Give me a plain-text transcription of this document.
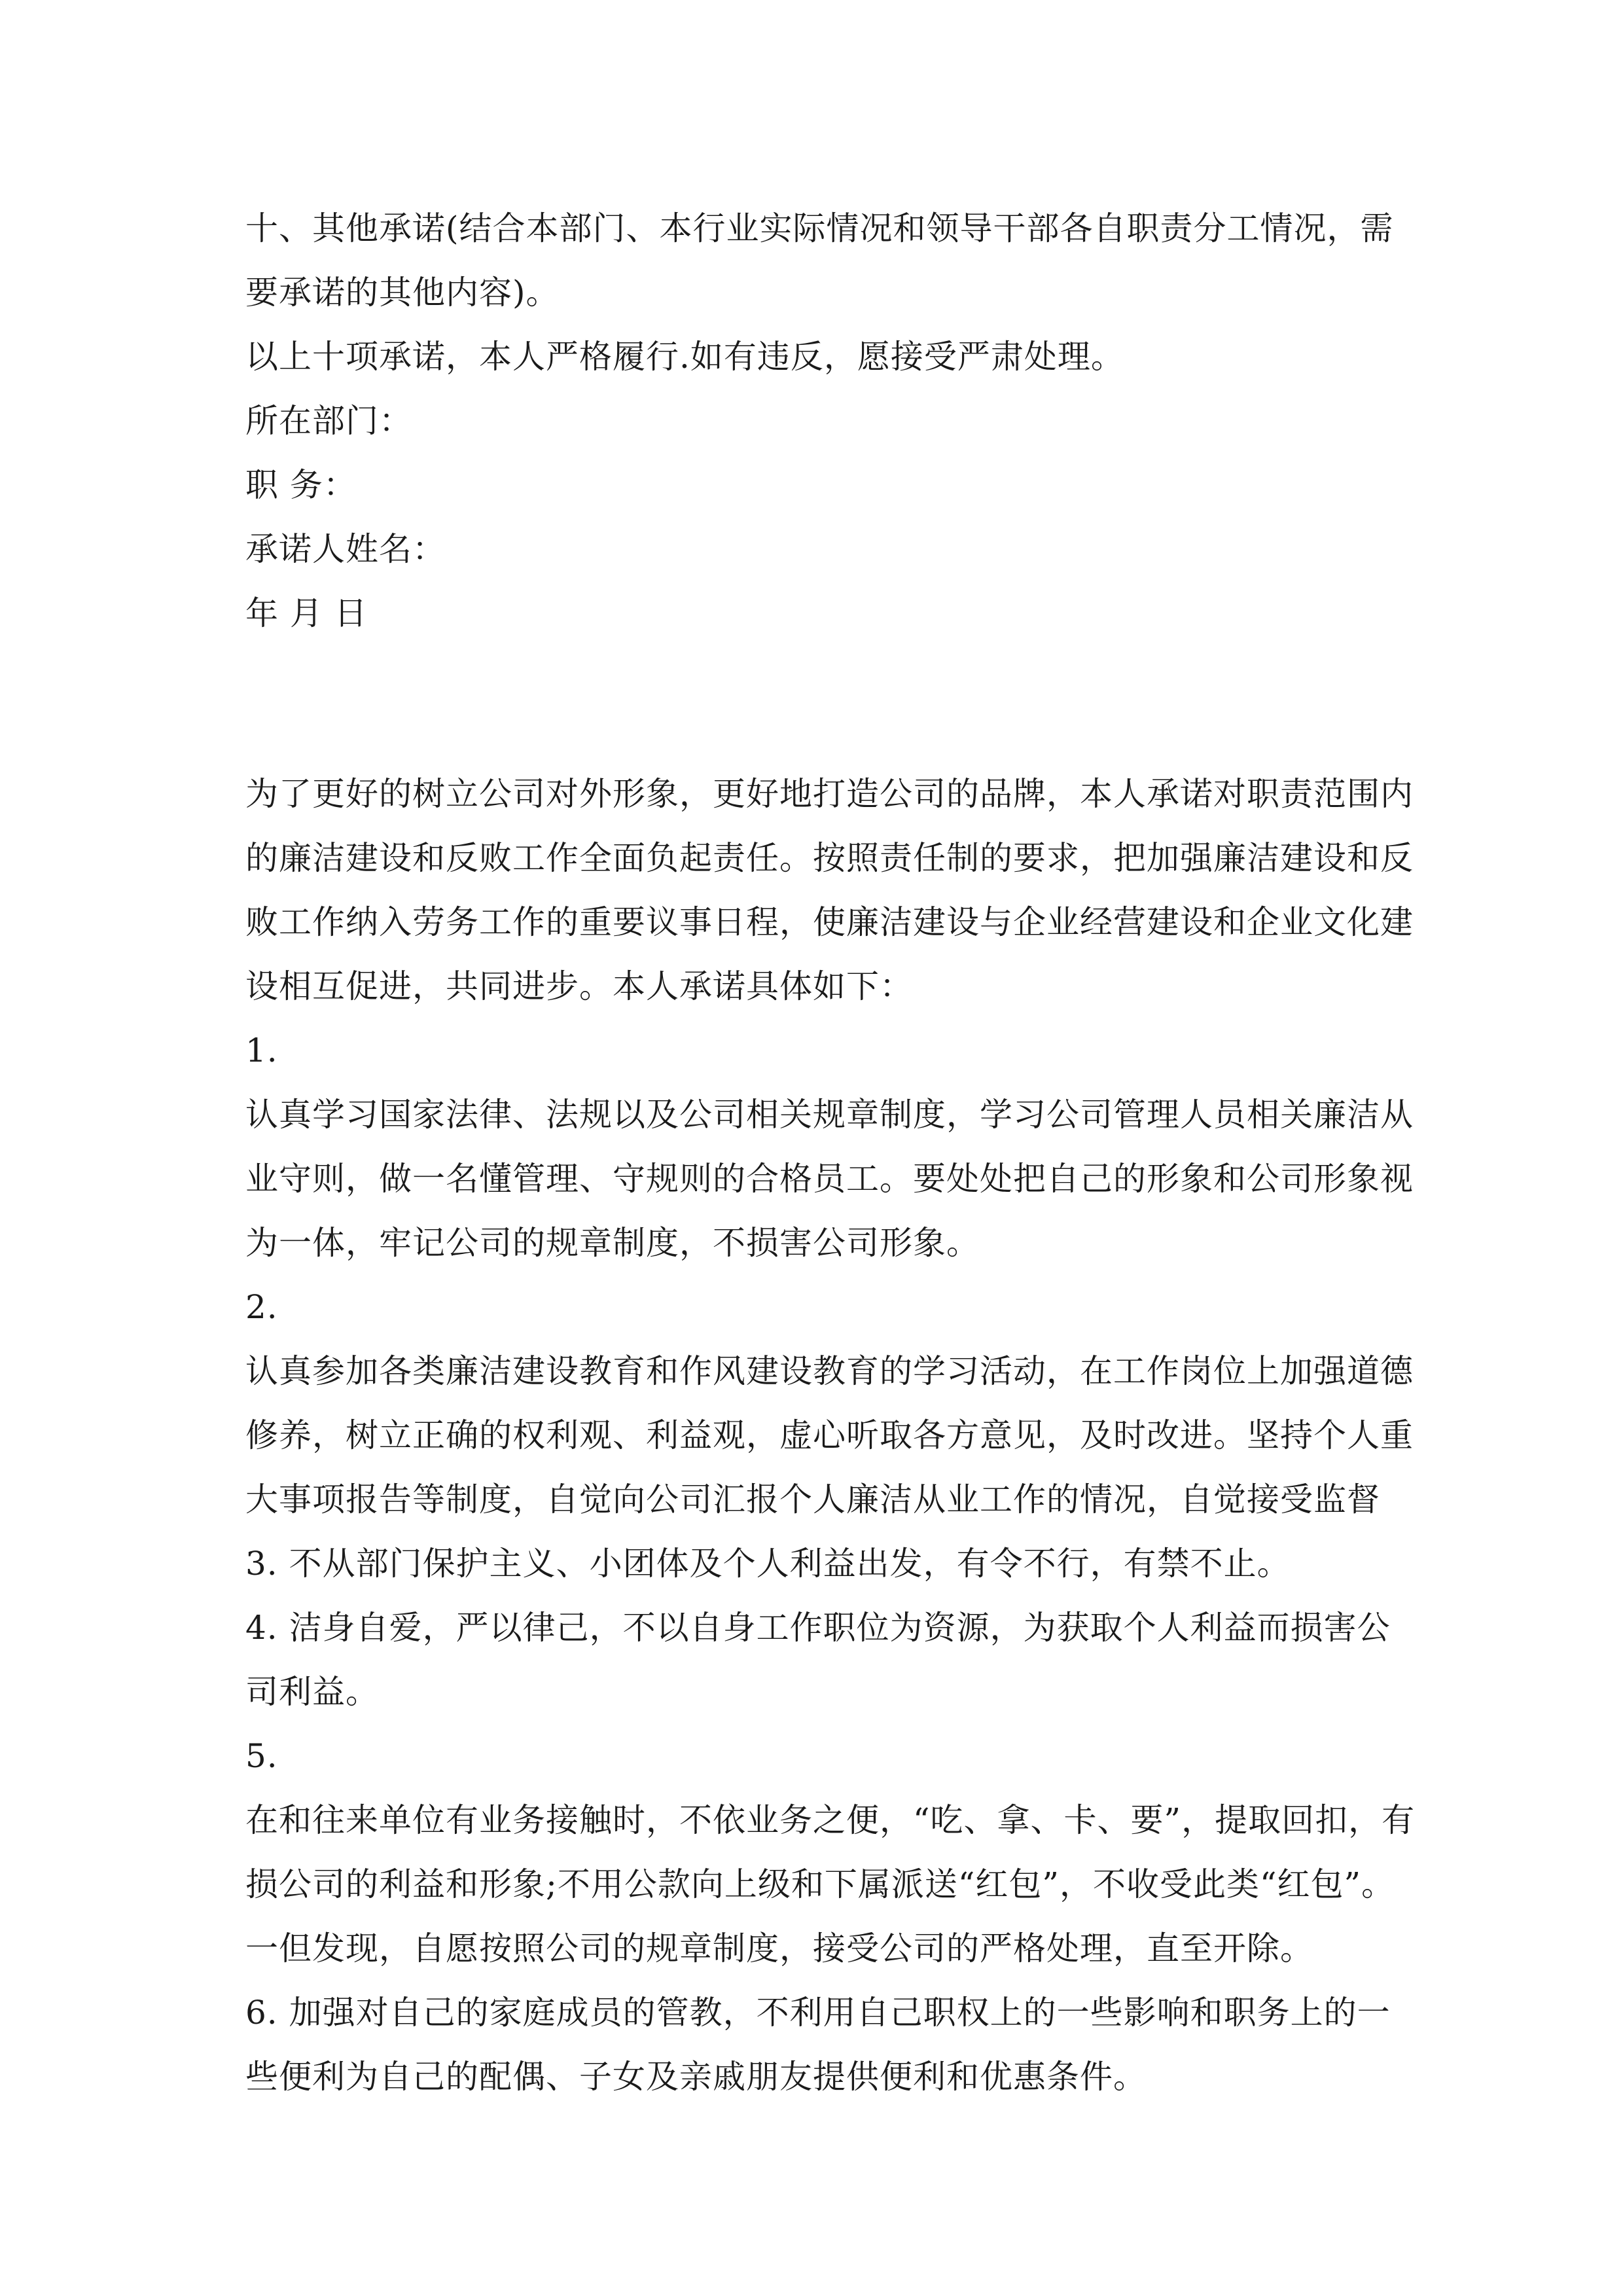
十、其他承诺(结合本部门、本行业实际情况和领导干部各自职责分工情况，需
要承诺的其他内容)。
以上十项承诺，本人严格履行.如有违反，愿接受严肃处理。
所在部门：
职 务：
承诺人姓名：
年 月 日
为了更好的树立公司对外形象，更好地打造公司的品牌，本人承诺对职责范围内
的廉洁建设和反败工作全面负起责任。按照责任制的要求，把加强廉洁建设和反
败工作纳入劳务工作的重要议事日程，使廉洁建设与企业经营建设和企业文化建
设相互促进，共同进步。本人承诺具体如下：
1.
认真学习国家法律、法规以及公司相关规章制度，学习公司管理人员相关廉洁从
业守则，做一名懂管理、守规则的合格员工。要处处把自己的形象和公司形象视
为一体，牢记公司的规章制度，不损害公司形象。
2.
认真参加各类廉洁建设教育和作风建设教育的学习活动，在工作岗位上加强道德
修养，树立正确的权利观、利益观，虚心听取各方意见，及时改进。坚持个人重
大事项报告等制度，自觉向公司汇报个人廉洁从业工作的情况，自觉接受监督
3. 不从部门保护主义、小团体及个人利益出发，有令不行，有禁不止。
4. 洁身自爱，严以律己，不以自身工作职位为资源，为获取个人利益而损害公
司利益。
5.
在和往来单位有业务接触时，不依业务之便，“吃、拿、卡、要”，提取回扣，有
损公司的利益和形象;不用公款向上级和下属派送“红包”，不收受此类“红包”。
一但发现，自愿按照公司的规章制度，接受公司的严格处理，直至开除。
6. 加强对自己的家庭成员的管教，不利用自己职权上的一些影响和职务上的一
些便利为自己的配偶、子女及亲戚朋友提供便利和优惠条件。
